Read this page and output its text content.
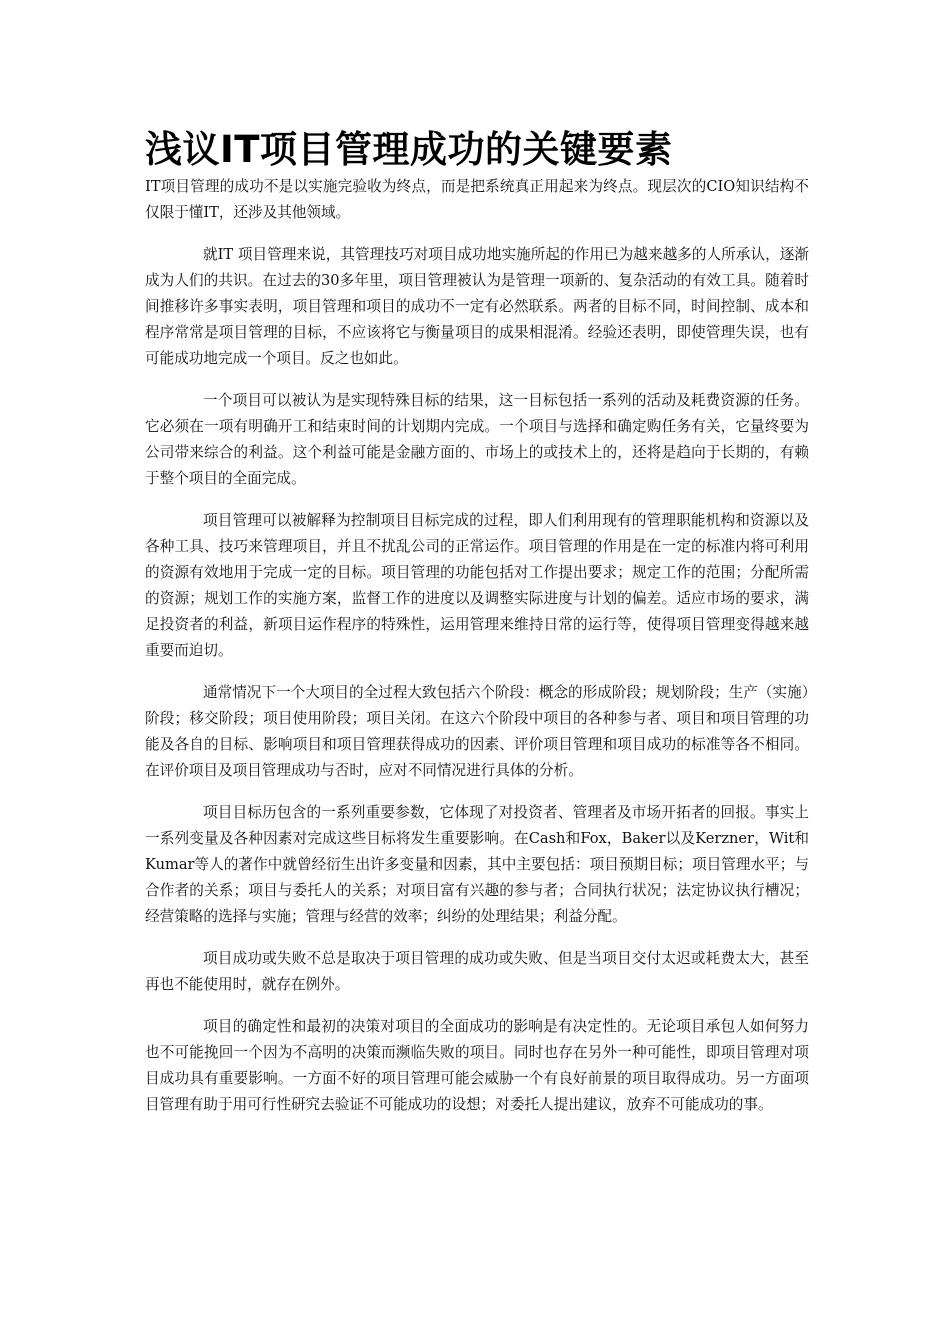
浅议IT项目管理成功的关键要素

IT项目管理的成功不是以实施完验收为终点，而是把系统真正用起来为终点。现层次的CIO知识结构不仅限于懂IT，还涉及其他领域。

就IT 项目管理来说，其管理技巧对项目成功地实施所起的作用已为越来越多的人所承认，逐渐成为人们的共识。在过去的30多年里，项目管理被认为是管理一项新的、复杂活动的有效工具。随着时间推移许多事实表明，项目管理和项目的成功不一定有必然联系。两者的目标不同，时间控制、成本和程序常常是项目管理的目标，不应该将它与衡量项目的成果相混淆。经验还表明，即使管理失误，也有可能成功地完成一个项目。反之也如此。

一个项目可以被认为是实现特殊目标的结果，这一目标包括一系列的活动及耗费资源的任务。它必须在一项有明确开工和结束时间的计划期内完成。一个项目与选择和确定购任务有关，它量终要为公司带来综合的利益。这个利益可能是金融方面的、市场上的或技术上的，还将是趋向于长期的，有赖于整个项目的全面完成。

项目管理可以被解释为控制项目目标完成的过程，即人们利用现有的管理职能机构和资源以及各种工具、技巧来管理项目，并且不扰乱公司的正常运作。项目管理的作用是在一定的标准内将可利用的资源有效地用于完成一定的目标。项目管理的功能包括对工作提出要求；规定工作的范围；分配所需的资源；规划工作的实施方案，监督工作的进度以及调整实际进度与计划的偏差。适应市场的要求，满足投资者的利益，新项目运作程序的特殊性，运用管理来维持日常的运行等，使得项目管理变得越来越重要而迫切。

通常情况下一个大项目的全过程大致包括六个阶段：概念的形成阶段；规划阶段；生产（实施）阶段；移交阶段；项目使用阶段；项目关闭。在这六个阶段中项目的各种参与者、项目和项目管理的功能及各自的目标、影响项目和项目管理获得成功的因素、评价项目管理和项目成功的标准等各不相同。在评价项目及项目管理成功与否时，应对不同情况进行具体的分析。

项目目标历包含的一系列重要参数，它体现了对投资者、管理者及市场开拓者的回报。事实上一系列变量及各种因素对完成这些目标将发生重要影响。在Cash和Fox，Baker以及Kerzner，Wit和Kumar等人的著作中就曾经衍生出许多变量和因素，其中主要包括：项目预期目标；项目管理水平；与合作者的关系；项目与委托人的关系；对项目富有兴趣的参与者；合同执行状况；法定协议执行槽况；经营策略的选择与实施；管理与经营的效率；纠纷的处理结果；利益分配。

项目成功或失败不总是取决于项目管理的成功或失败、但是当项目交付太迟或耗费太大，甚至再也不能使用时，就存在例外。

项目的确定性和最初的决策对项目的全面成功的影响是有决定性的。无论项目承包人如何努力也不可能挽回一个因为不高明的决策而濒临失败的项目。同时也存在另外一种可能性，即项目管理对项目成功具有重要影响。一方面不好的项目管理可能会威胁一个有良好前景的项目取得成功。另一方面项目管理有助于用可行性研究去验证不可能成功的设想；对委托人提出建议，放弃不可能成功的事。
